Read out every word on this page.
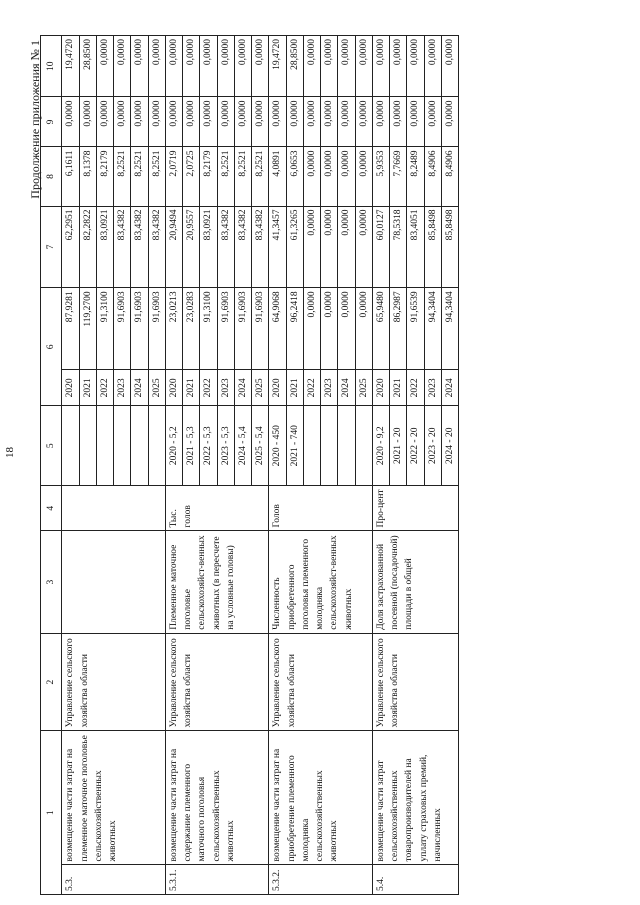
18
Продолжение приложения № 1
1		2	3	4	5	6		7	8	9	10
5.3.	возмещение части затрат на племенное маточное поголовье сельскохозяйственных животных	Управление сельского хозяйства области				2020	87,9281	62,2951	6,1611	0,0000	19,4720
						2021	119,2700	82,2822	8,1378	0,0000	28,8500
						2022	91,3100	83,0921	8,2179	0,0000	0,0000
						2023	91,6903	83,4382	8,2521	0,0000	0,0000
						2024	91,6903	83,4382	8,2521	0,0000	0,0000
						2025	91,6903	83,4382	8,2521	0,0000	0,0000
5.3.1.	возмещение части затрат на содержание племенного маточного поголовья сельскохозяйственных животных	Управление сельского хозяйства области	Племенное маточное поголовье сельскохозяйст-венных животных (в пересчете на условные головы)	Тыс. голов	2020 - 5,2	2020	23,0213	20,9494	2,0719	0,0000	0,0000
					2021 - 5,3	2021	23,0283	20,9557	2,0725	0,0000	0,0000
					2022 - 5,3	2022	91,3100	83,0921	8,2179	0,0000	0,0000
					2023 - 5,3	2023	91,6903	83,4382	8,2521	0,0000	0,0000
					2024 - 5,4	2024	91,6903	83,4382	8,2521	0,0000	0,0000
					2025 - 5,4	2025	91,6903	83,4382	8,2521	0,0000	0,0000
5.3.2.	возмещение части затрат на приобретение племенного молодняка сельскохозяйственных животных	Управление сельского хозяйства области	Численность приобретенного поголовья племенного молодняка сельскохозяйст-венных животных	Голов	2020 - 450	2020	64,9068	41,3457	4,0891	0,0000	19,4720
					2021 - 740	2021	96,2418	61,3265	6,0653	0,0000	28,8500
						2022	0,0000	0,0000	0,0000	0,0000	0,0000
						2023	0,0000	0,0000	0,0000	0,0000	0,0000
						2024	0,0000	0,0000	0,0000	0,0000	0,0000
						2025	0,0000	0,0000	0,0000	0,0000	0,0000
5.4.	возмещение части затрат сельскохозяйственных товаропроизводителей на уплату страховых премий, начисленных	Управление сельского хозяйства области	Доля застрахованной посевной (посадочной) площади в общей	Про-цент	2020 - 9,2	2020	65,9480	60,0127	5,9353	0,0000	0,0000
					2021 - 20	2021	86,2987	78,5318	7,7669	0,0000	0,0000
					2022 - 20	2022	91,6539	83,4051	8,2489	0,0000	0,0000
					2023 - 20	2023	94,3404	85,8498	8,4906	0,0000	0,0000
					2024 - 20	2024	94,3404	85,8498	8,4906	0,0000	0,0000
